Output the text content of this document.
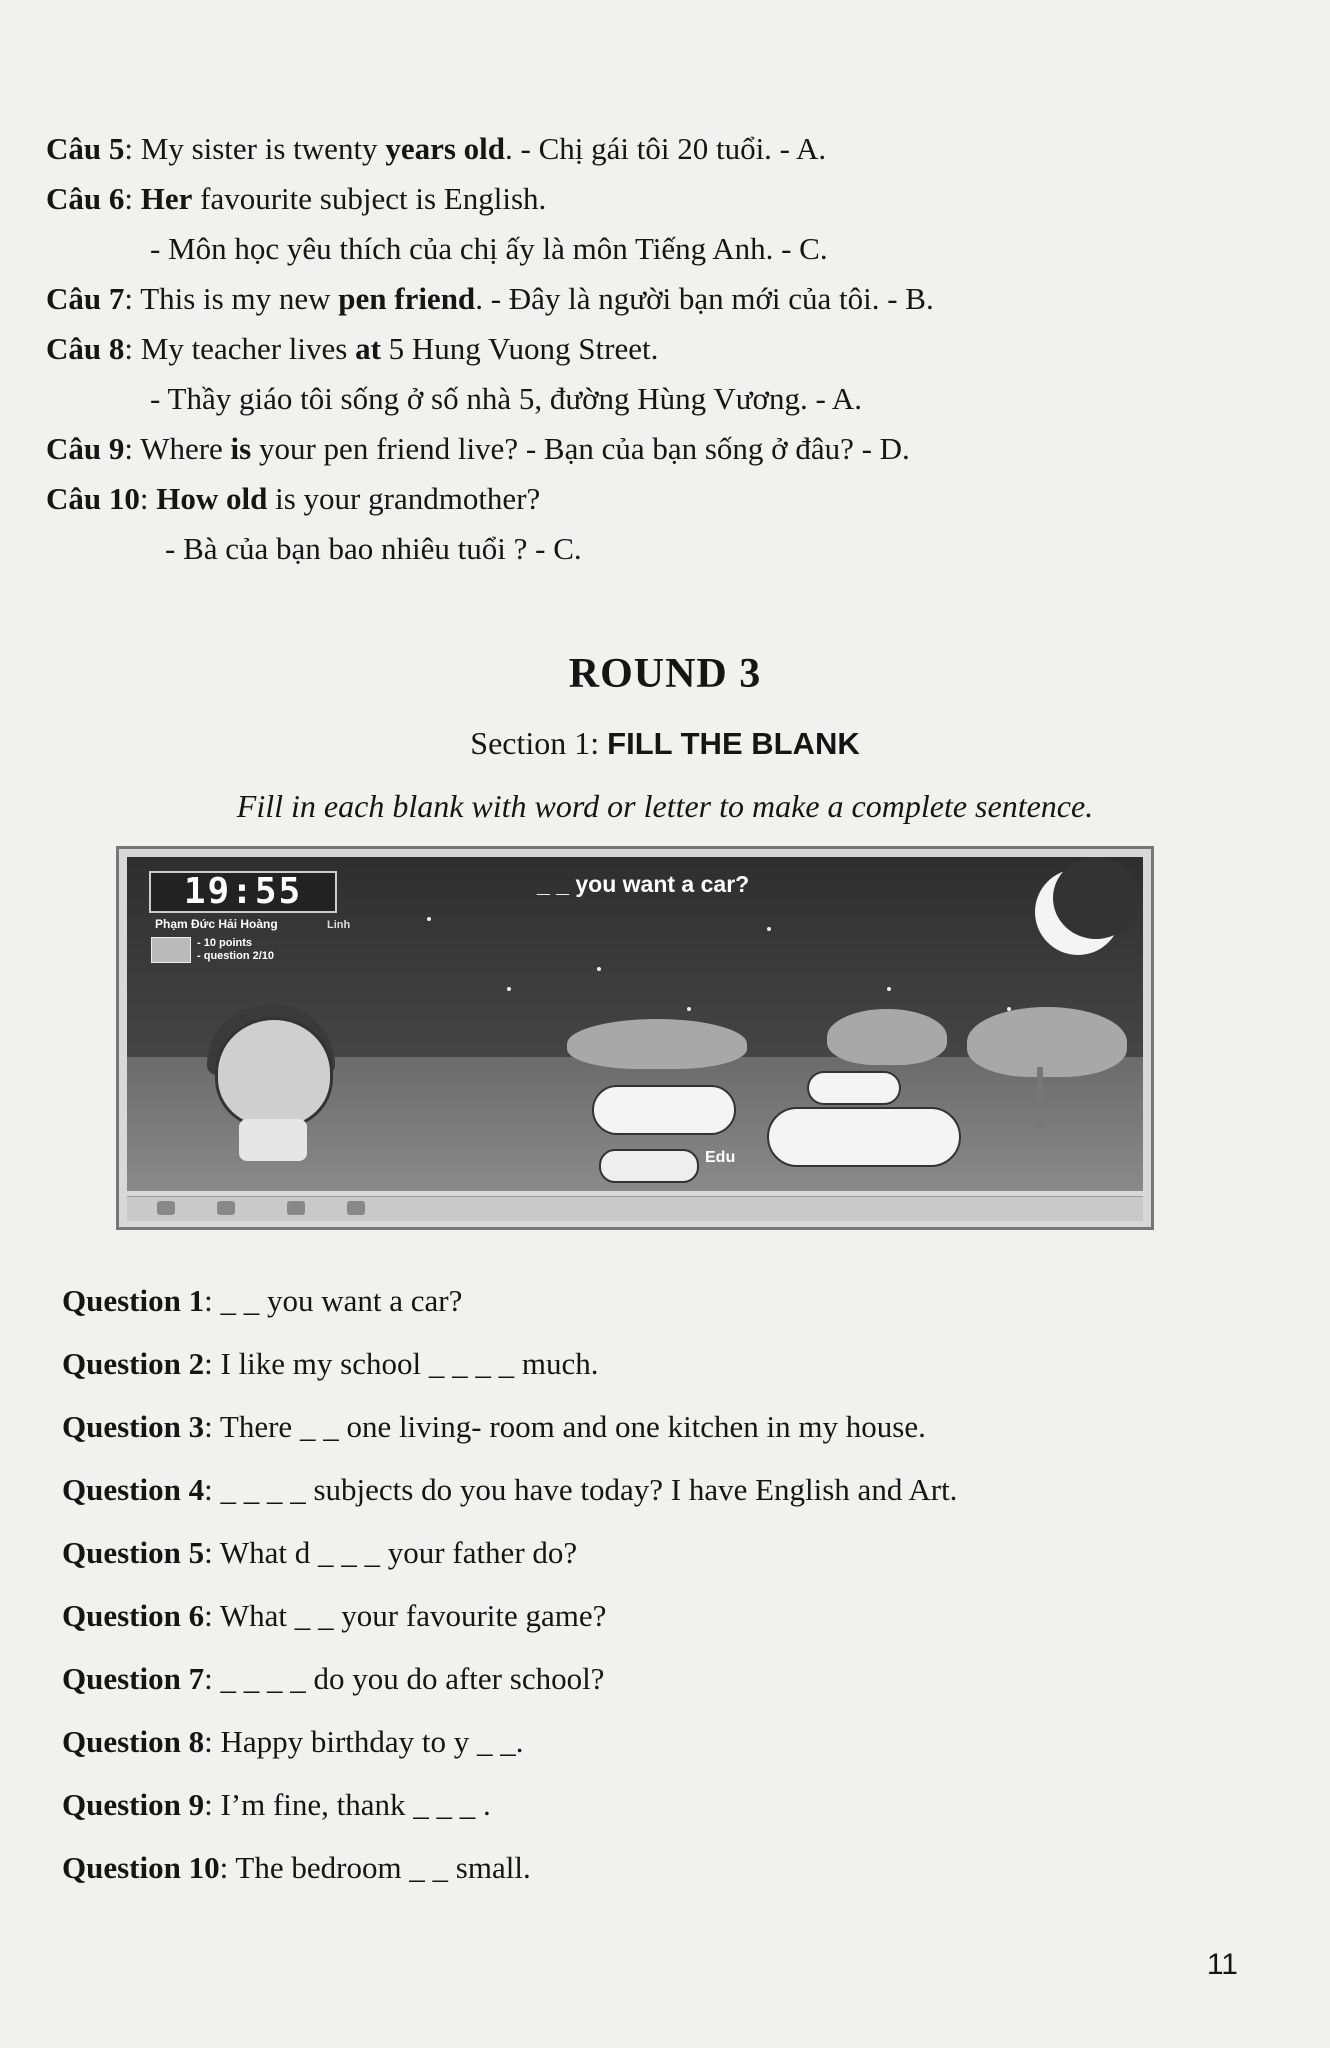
Câu 5: My sister is twenty years old. - Chị gái tôi 20 tuổi. - A.
Câu 6: Her favourite subject is English.
- Môn học yêu thích của chị ấy là môn Tiếng Anh. - C.
Câu 7: This is my new pen friend. - Đây là người bạn mới của tôi. - B.
Câu 8: My teacher lives at 5 Hung Vuong Street.
- Thầy giáo tôi sống ở số nhà 5, đường Hùng Vương. - A.
Câu 9: Where is your pen friend live? - Bạn của bạn sống ở đâu? - D.
Câu 10: How old is your grandmother?
- Bà của bạn bao nhiêu tuổi ? - C.
ROUND 3
Section 1: FILL THE BLANK
Fill in each blank with word or letter to make a complete sentence.
Edu
19:55
Phạm Đức Hải Hoàng
- 10 points
- question 2/10
Linh
_ _ you want a car?
Question 1: _ _ you want a car?
Question 2: I like my school _ _ _ _ much.
Question 3: There _ _ one living- room and one kitchen in my house.
Question 4: _ _ _ _ subjects do you have today? I have English and Art.
Question 5: What d _ _ _ your father do?
Question 6: What _ _ your favourite game?
Question 7: _ _ _ _ do you do after school?
Question 8: Happy birthday to y _ _.
Question 9: I’m fine, thank _ _ _ .
Question 10: The bedroom _ _ small.
11
